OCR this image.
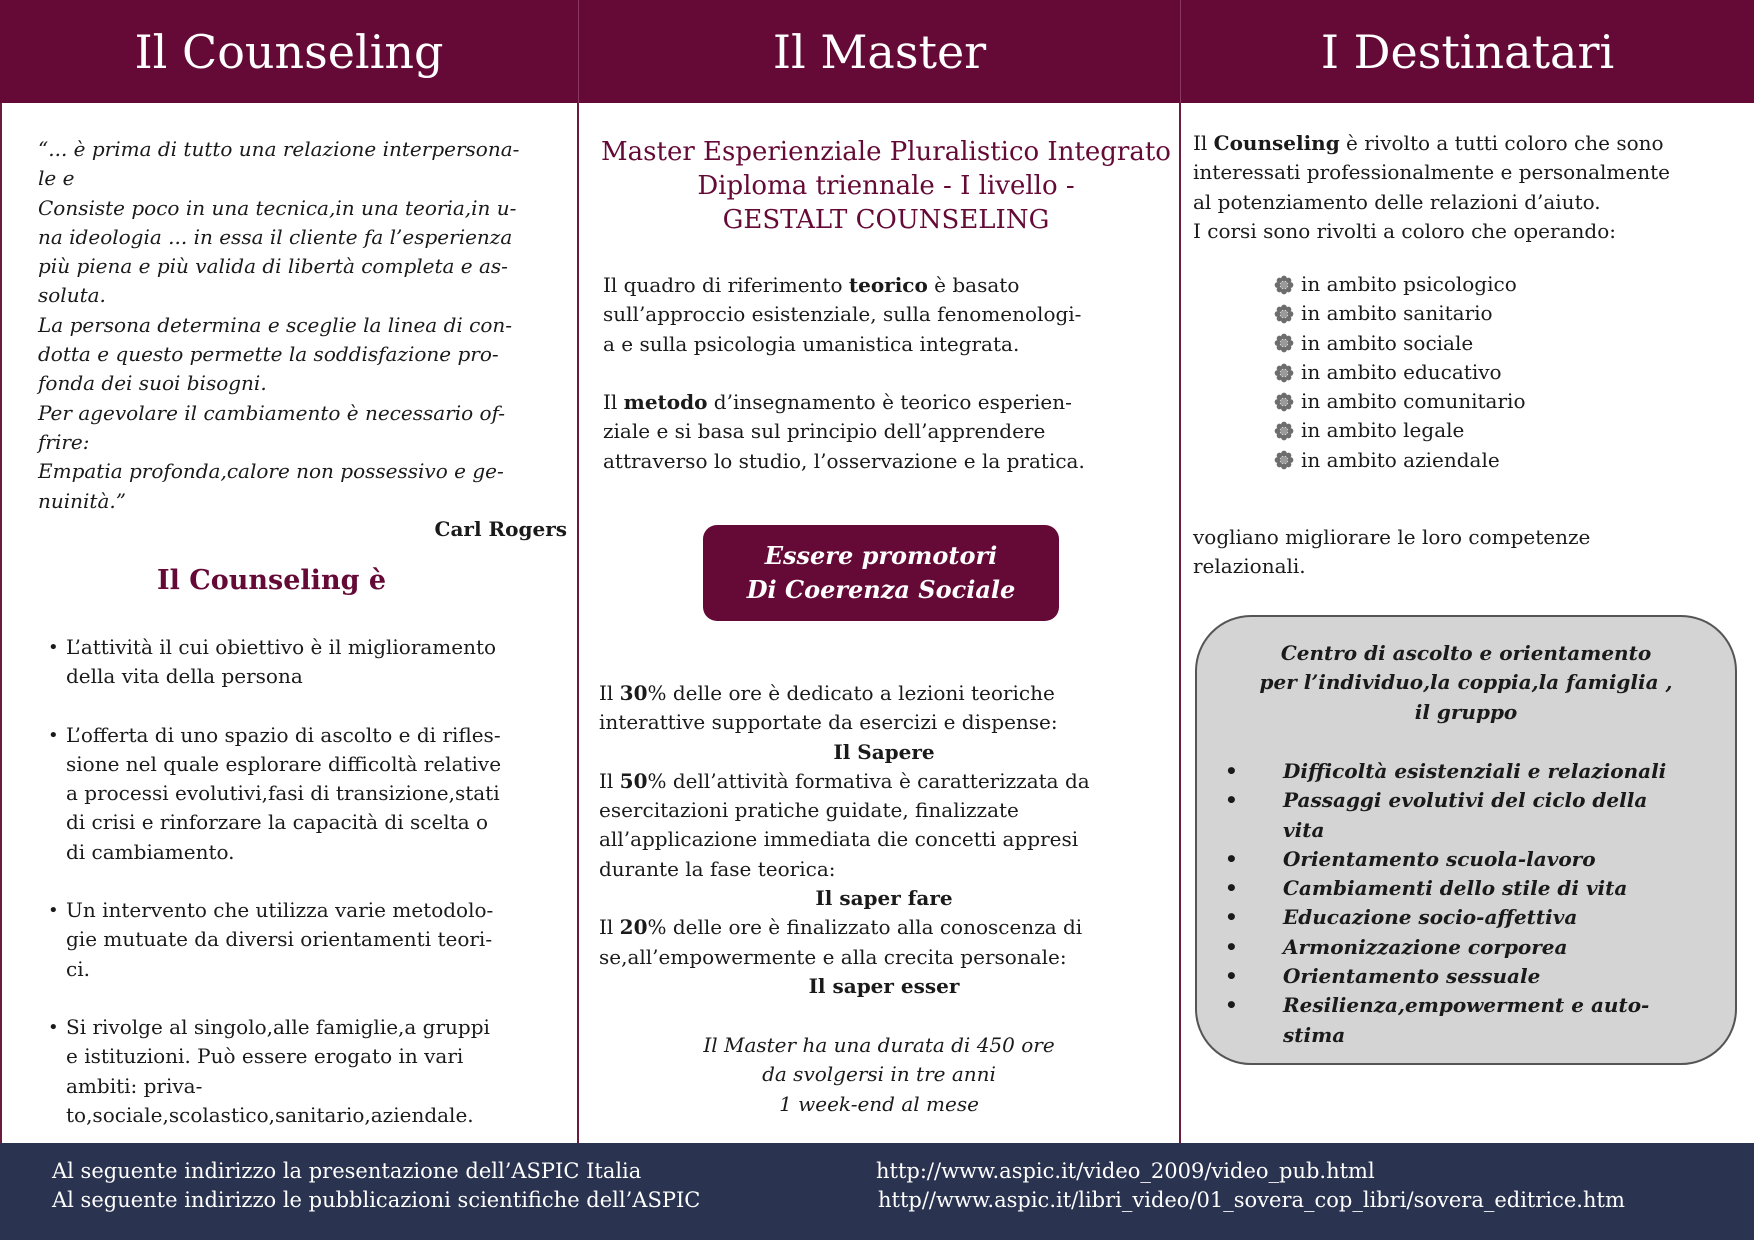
Il Counseling	Il Master	I Destinatari
“... è prima di tutto una relazione interpersona-
le e
Consiste poco in una tecnica,in una teoria,in u-
na ideologia ... in essa il cliente fa l’esperienza
più piena e più valida di libertà completa e as-
soluta.
La persona determina e sceglie la linea di con-
dotta e questo permette la soddisfazione pro-
fonda dei suoi bisogni.
Per agevolare il cambiamento è necessario of-
frire:
Empatia profonda,calore non possessivo e ge-
nuinità.”
Carl Rogers
Il Counseling è
• L’attività il cui obiettivo è il miglioramento
della vita della persona
• L’offerta di uno spazio di ascolto e di rifles-
sione nel quale esplorare difficoltà relative
a processi evolutivi,fasi di transizione,stati
di crisi e rinforzare la capacità di scelta o
di cambiamento.
• Un intervento che utilizza varie metodolo-
gie mutuate da diversi orientamenti teori-
ci.
• Si rivolge al singolo,alle famiglie,a gruppi
e istituzioni. Può essere erogato in vari
ambiti: priva-
to,sociale,scolastico,sanitario,aziendale.
Master Esperienziale Pluralistico Integrato
Diploma triennale - I livello -
GESTALT COUNSELING
Il quadro di riferimento teorico è basato
sull’approccio esistenziale, sulla fenomenologi-
a e sulla psicologia umanistica integrata.
Il metodo d’insegnamento è teorico esperien-
ziale e si basa sul principio dell’apprendere
attraverso lo studio, l’osservazione e la pratica.
Essere promotori
Di Coerenza Sociale
Il 30% delle ore è dedicato a lezioni teoriche
interattive supportate da esercizi e dispense:
Il Sapere
Il 50% dell’attività formativa è caratterizzata da
esercitazioni pratiche guidate, finalizzate
all’applicazione immediata die concetti appresi
durante la fase teorica:
Il saper fare
Il 20% delle ore è finalizzato alla conoscenza di
se,all’empowermente e alla crecita personale:
Il saper esser
Il Master ha una durata di 450 ore
da svolgersi in tre anni
1 week-end al mese
Il Counseling è rivolto a tutti coloro che sono
interessati professionalmente e personalmente
al potenziamento delle relazioni d’aiuto.
I corsi sono rivolti a coloro che operando:
in ambito psicologico
in ambito sanitario
in ambito sociale
in ambito educativo
in ambito comunitario
in ambito legale
in ambito aziendale
vogliano migliorare le loro competenze
relazionali.
Centro di ascolto e orientamento
per l’individuo,la coppia,la famiglia ,
il gruppo
• Difficoltà esistenziali e relazionali
• Passaggi evolutivi del ciclo della
vita
• Orientamento scuola-lavoro
• Cambiamenti dello stile di vita
• Educazione socio-affettiva
• Armonizzazione corporea
• Orientamento sessuale
• Resilienza,empowerment e auto-
stima
Al seguente indirizzo la presentazione dell’ASPIC Italia	http://www.aspic.it/video_2009/video_pub.html
Al seguente indirizzo le pubblicazioni scientifiche dell’ASPIC	http//www.aspic.it/libri_video/01_sovera_cop_libri/sovera_editrice.htm
